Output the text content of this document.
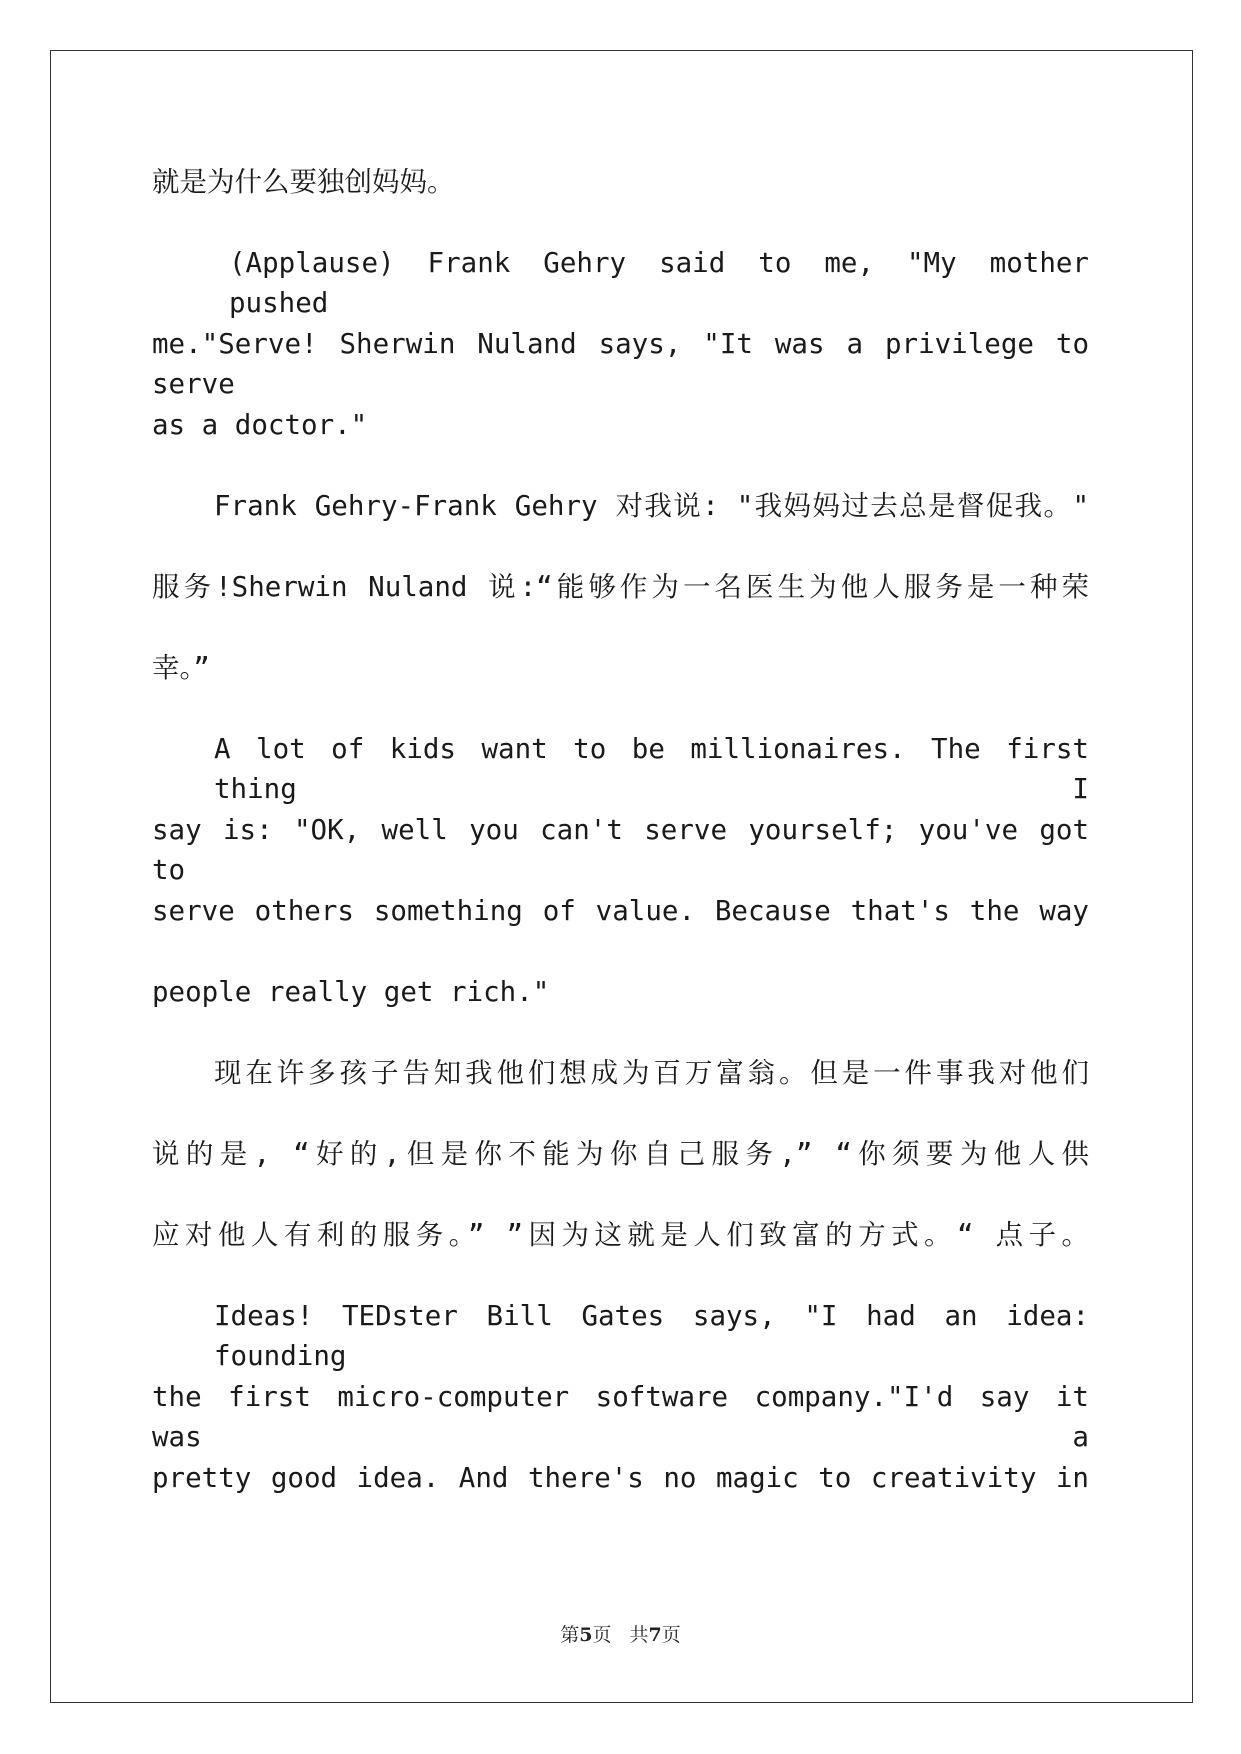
就是为什么要独创妈妈。
(Applause) Frank Gehry said to me, "My mother pushed
me."Serve! Sherwin Nuland says, "It was a privilege to serve
as a doctor."
Frank Gehry-Frank Gehry 对我说: "我妈妈过去总是督促我。"
服务!Sherwin Nuland 说:“能够作为一名医生为他人服务是一种荣
幸。”
A lot of kids want to be millionaires. The first thing I
say is: "OK, well you can't serve yourself; you've got to
serve others something of value. Because that's the way
people really get rich."
现在许多孩子告知我他们想成为百万富翁。但是一件事我对他们
说的是, “好的,但是你不能为你自己服务,” “你须要为他人供
应对他人有利的服务。” ”因为这就是人们致富的方式。“ 点子。
Ideas! TEDster Bill Gates says, "I had an idea: founding
the first micro-computer software company."I'd say it was a
pretty good idea. And there's no magic to creativity in
第5页 共7页
